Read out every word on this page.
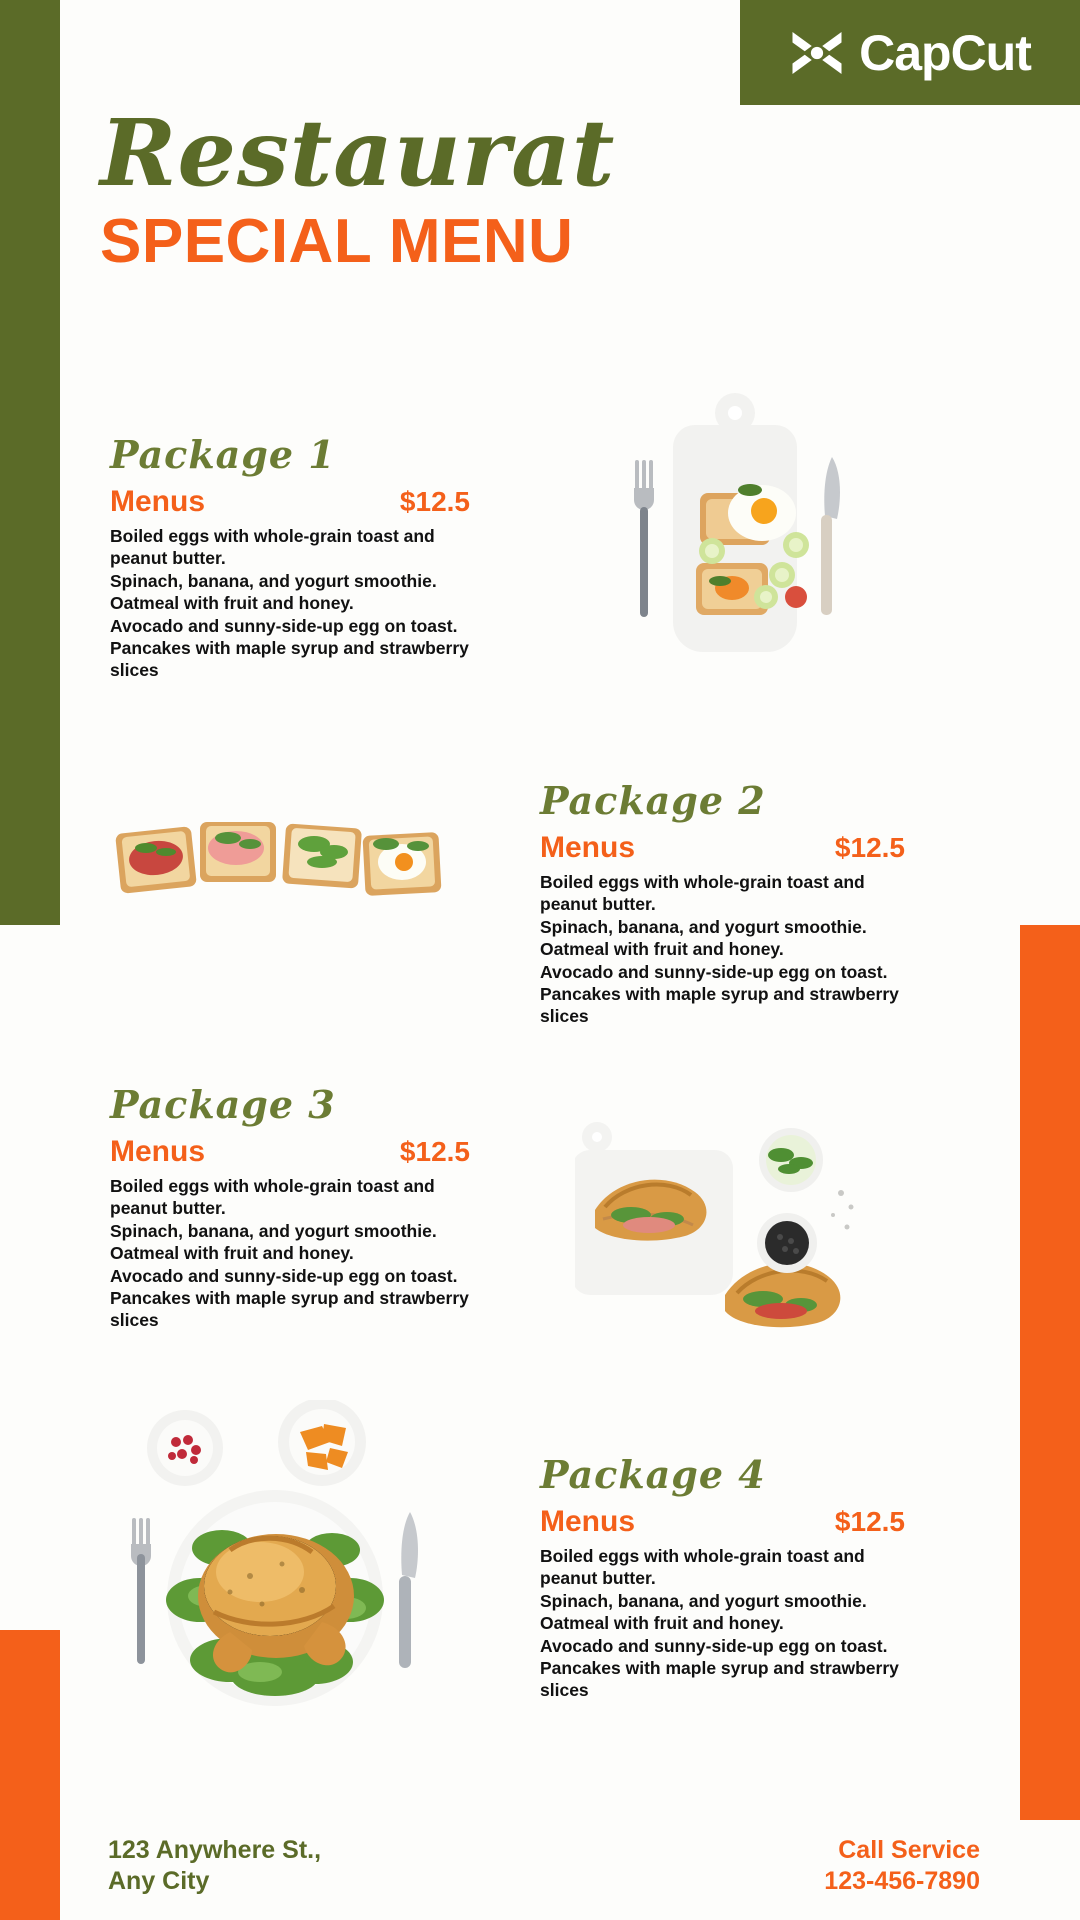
CapCut
Restaurat
SPECIAL MENU
Package 1
Menus	$12.5
Boiled eggs with whole-grain toast and peanut butter.
Spinach, banana, and yogurt smoothie.
Oatmeal with fruit and honey.
Avocado and sunny-side-up egg on toast.
Pancakes with maple syrup and strawberry slices
Package 2
Menus	$12.5
Boiled eggs with whole-grain toast and peanut butter.
Spinach, banana, and yogurt smoothie.
Oatmeal with fruit and honey.
Avocado and sunny-side-up egg on toast.
Pancakes with maple syrup and strawberry slices
Package 3
Menus	$12.5
Boiled eggs with whole-grain toast and peanut butter.
Spinach, banana, and yogurt smoothie.
Oatmeal with fruit and honey.
Avocado and sunny-side-up egg on toast.
Pancakes with maple syrup and strawberry slices
Package 4
Menus	$12.5
Boiled eggs with whole-grain toast and peanut butter.
Spinach, banana, and yogurt smoothie.
Oatmeal with fruit and honey.
Avocado and sunny-side-up egg on toast.
Pancakes with maple syrup and strawberry slices
123 Anywhere St.,
Any City
Call Service
123-456-7890
